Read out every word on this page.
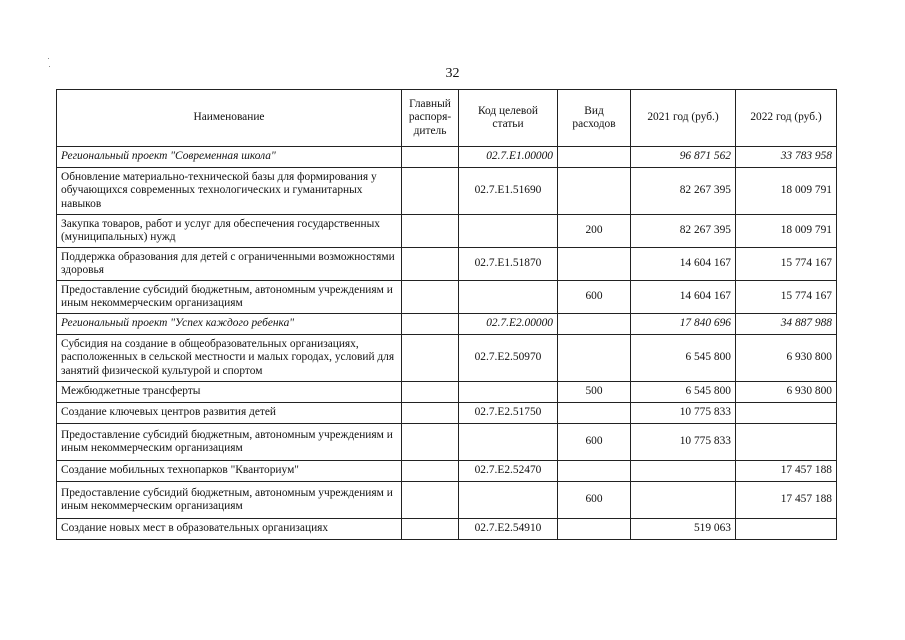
32
Наименование	Главный распоря-дитель	Код целевой статьи	Вид расходов	2021 год (руб.)	2022 год (руб.)
Региональный проект "Современная школа"		02.7.Е1.00000		96 871 562	33 783 958
Обновление материально-технической базы для формирования у обучающихся современных технологических и гуманитарных навыков		02.7.Е1.51690		82 267 395	18 009 791
Закупка товаров, работ и услуг для обеспечения государственных (муниципальных) нужд			200	82 267 395	18 009 791
Поддержка образования для детей с ограниченными возможностями здоровья		02.7.Е1.51870		14 604 167	15 774 167
Предоставление субсидий бюджетным, автономным учреждениям и иным некоммерческим организациям			600	14 604 167	15 774 167
Региональный проект "Успех каждого ребенка"		02.7.Е2.00000		17 840 696	34 887 988
Субсидия на создание в общеобразовательных организациях, расположенных в сельской местности и малых городах, условий для занятий физической культурой и спортом		02.7.Е2.50970		6 545 800	6 930 800
Межбюджетные трансферты			500	6 545 800	6 930 800
Создание ключевых центров развития детей		02.7.Е2.51750		10 775 833	
Предоставление субсидий бюджетным, автономным учреждениям и иным некоммерческим организациям			600	10 775 833	
Создание мобильных технопарков "Кванториум"		02.7.Е2.52470			17 457 188
Предоставление субсидий бюджетным, автономным учреждениям и иным некоммерческим организациям			600		17 457 188
Создание новых мест в образовательных организациях		02.7.Е2.54910		519 063	
